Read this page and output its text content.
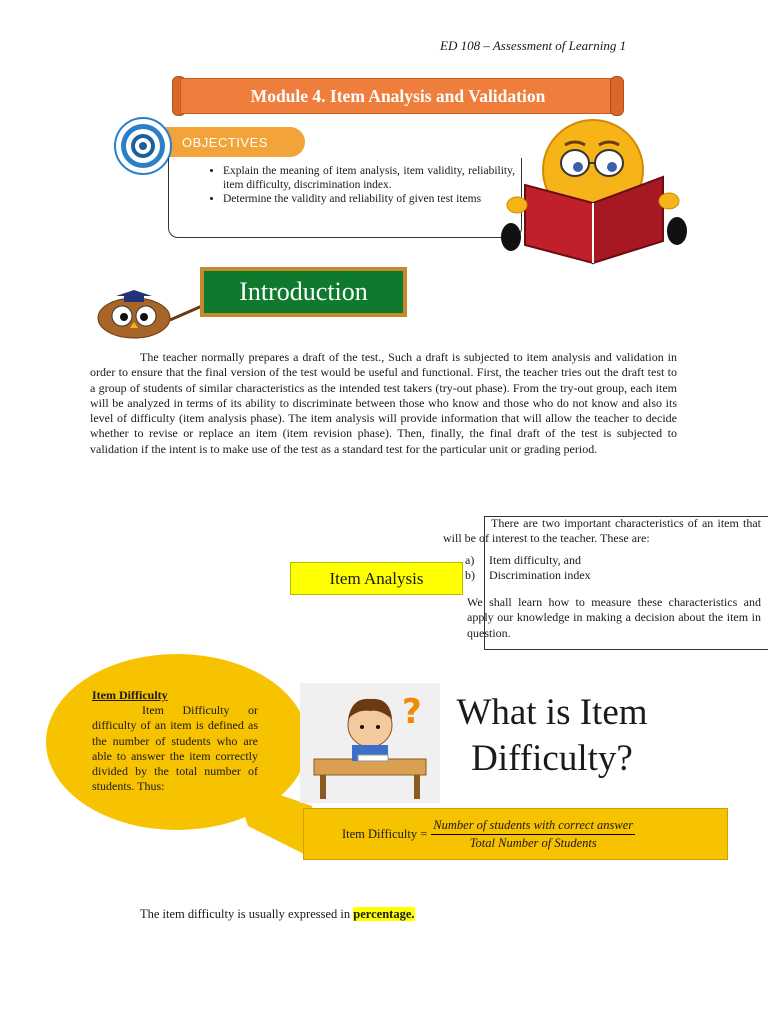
ED 108 – Assessment of Learning 1
Module 4. Item Analysis and Validation
OBJECTIVES
• Explain the meaning of item analysis, item validity, reliability, item difficulty, discrimination index.
• Determine the validity and reliability of given test items
Introduction
The teacher normally prepares a draft of the test., Such a draft is subjected to item analysis and validation in order to ensure that the final version of the test would be useful and functional. First, the teacher tries out the draft test to a group of students of similar characteristics as the intended test takers (try-out phase). From the try-out group, each item will be analyzed in terms of its ability to discriminate between those who know and those who do not know and also its level of difficulty (item analysis phase). The item analysis will provide information that will allow the teacher to decide whether to revise or replace an item (item revision phase). Then, finally, the final draft of the test is subjected to validation if the intent is to make use of the test as a standard test for the particular unit or grading period.
Item Analysis

There are two important characteristics of an item that will be of interest to the teacher. These are:

a) Item difficulty, and
b) Discrimination index

We shall learn how to measure these characteristics and apply our knowledge in making a decision about the item in question.

Item Difficulty
Item Difficulty or difficulty of an item is defined as the number of students who are able to answer the item correctly divided by the total number of students. Thus:
? What is Item Difficulty?
Item Difficulty = $\frac{\text{Number of students with correct answer}}{\text{Total Number of Students}}$
The item difficulty is usually expressed in percentage.
